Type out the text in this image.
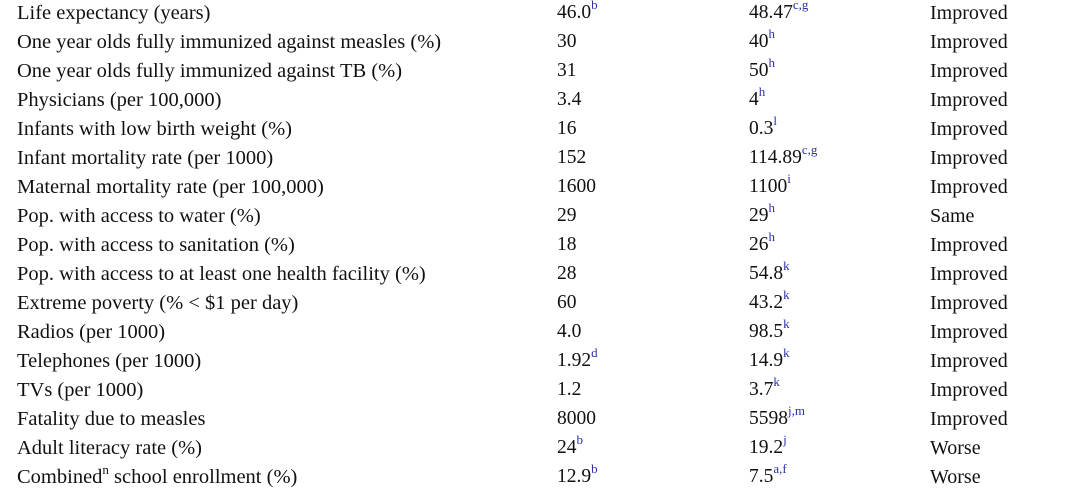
Life expectancy (years)	46.0$^b$	48.47$^{c,g}$	Improved
One year olds fully immunized against measles (%)	30	40$^h$	Improved
One year olds fully immunized against TB (%)	31	50$^h$	Improved
Physicians (per 100,000)	3.4	4$^h$	Improved
Infants with low birth weight (%)	16	0.3$^l$	Improved
Infant mortality rate (per 1000)	152	114.89$^{c,g}$	Improved
Maternal mortality rate (per 100,000)	1600	1100$^i$	Improved
Pop. with access to water (%)	29	29$^h$	Same
Pop. with access to sanitation (%)	18	26$^h$	Improved
Pop. with access to at least one health facility (%)	28	54.8$^k$	Improved
Extreme poverty (% < $1 per day)	60	43.2$^k$	Improved
Radios (per 1000)	4.0	98.5$^k$	Improved
Telephones (per 1000)	1.92$^d$	14.9$^k$	Improved
TVs (per 1000)	1.2	3.7$^k$	Improved
Fatality due to measles	8000	5598$^{j,m}$	Improved
Adult literacy rate (%)	24$^b$	19.2$^j$	Worse
Combined$^n$ school enrollment (%)	12.9$^b$	7.5$^{a,f}$	Worse
